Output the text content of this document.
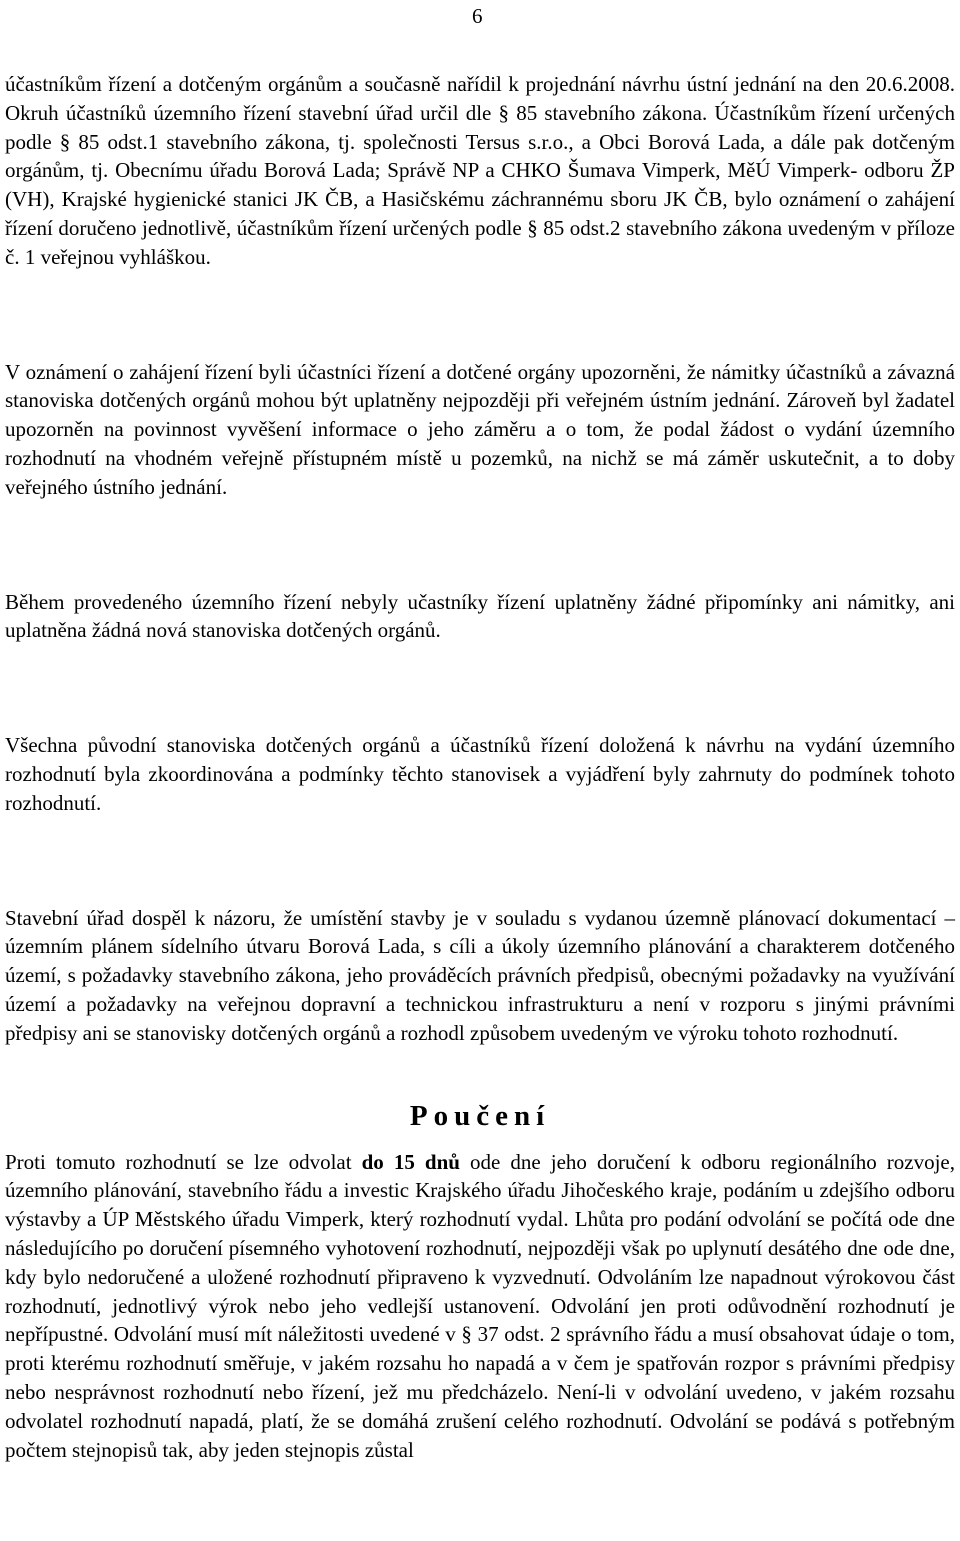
6

účastníkům řízení a dotčeným orgánům a současně nařídil k projednání návrhu ústní jednání na den 20.6.2008. Okruh účastníků územního řízení stavební úřad určil dle § 85 stavebního zákona. Účastníkům řízení určených podle § 85 odst.1 stavebního zákona, tj. společnosti Tersus s.r.o., a Obci Borová Lada, a dále pak dotčeným orgánům, tj. Obecnímu úřadu Borová Lada; Správě NP a CHKO Šumava Vimperk, MěÚ Vimperk- odboru ŽP (VH), Krajské hygienické stanici JK ČB, a Hasičskému záchrannému sboru JK ČB, bylo oznámení o zahájení řízení doručeno jednotlivě, účastníkům řízení určených podle § 85 odst.2 stavebního zákona uvedeným v příloze č. 1 veřejnou vyhláškou.

V oznámení o zahájení řízení byli účastníci řízení a dotčené orgány upozorněni, že námitky účastníků a závazná stanoviska dotčených orgánů mohou být uplatněny nejpozději při veřejném ústním jednání. Zároveň byl žadatel upozorněn na povinnost vyvěšení informace o jeho záměru a o tom, že podal žádost o vydání územního rozhodnutí na vhodném veřejně přístupném místě u pozemků, na nichž se má záměr uskutečnit, a to doby veřejného ústního jednání.

Během provedeného územního řízení nebyly učastníky řízení uplatněny žádné připomínky ani námitky, ani uplatněna žádná nová stanoviska dotčených orgánů.

Všechna původní stanoviska dotčených orgánů a účastníků řízení doložená k návrhu na vydání územního rozhodnutí byla zkoordinována a podmínky těchto stanovisek a vyjádření byly zahrnuty do podmínek tohoto rozhodnutí.

Stavební úřad dospěl k názoru, že umístění stavby je v souladu s vydanou územně plánovací dokumentací – územním plánem sídelního útvaru Borová Lada, s cíli a úkoly územního plánování a charakterem dotčeného území, s požadavky stavebního zákona, jeho prováděcích právních předpisů, obecnými požadavky na využívání území a požadavky na veřejnou dopravní a technickou infrastrukturu a není v rozporu s jinými právními předpisy ani se stanovisky dotčených orgánů a rozhodl způsobem uvedeným ve výroku tohoto rozhodnutí.

Poučení

Proti tomuto rozhodnutí se lze odvolat do 15 dnů ode dne jeho doručení k odboru regionálního rozvoje, územního plánování, stavebního řádu a investic Krajského úřadu Jihočeského kraje, podáním u zdejšího odboru výstavby a ÚP Městského úřadu Vimperk, který rozhodnutí vydal. Lhůta pro podání odvolání se počítá ode dne následujícího po doručení písemného vyhotovení rozhodnutí, nejpozději však po uplynutí desátého dne ode dne, kdy bylo nedoručené a uložené rozhodnutí připraveno k vyzvednutí. Odvoláním lze napadnout výrokovou část rozhodnutí, jednotlivý výrok nebo jeho vedlejší ustanovení. Odvolání jen proti odůvodnění rozhodnutí je nepřípustné. Odvolání musí mít náležitosti uvedené v § 37 odst. 2 správního řádu a musí obsahovat údaje o tom, proti kterému rozhodnutí směřuje, v jakém rozsahu ho napadá a v čem je spatřován rozpor s právními předpisy nebo nesprávnost rozhodnutí nebo řízení, jež mu předcházelo. Není-li v odvolání uvedeno, v jakém rozsahu odvolatel rozhodnutí napadá, platí, že se domáhá zrušení celého rozhodnutí. Odvolání se podává s potřebným počtem stejnopisů tak, aby jeden stejnopis zůstal
